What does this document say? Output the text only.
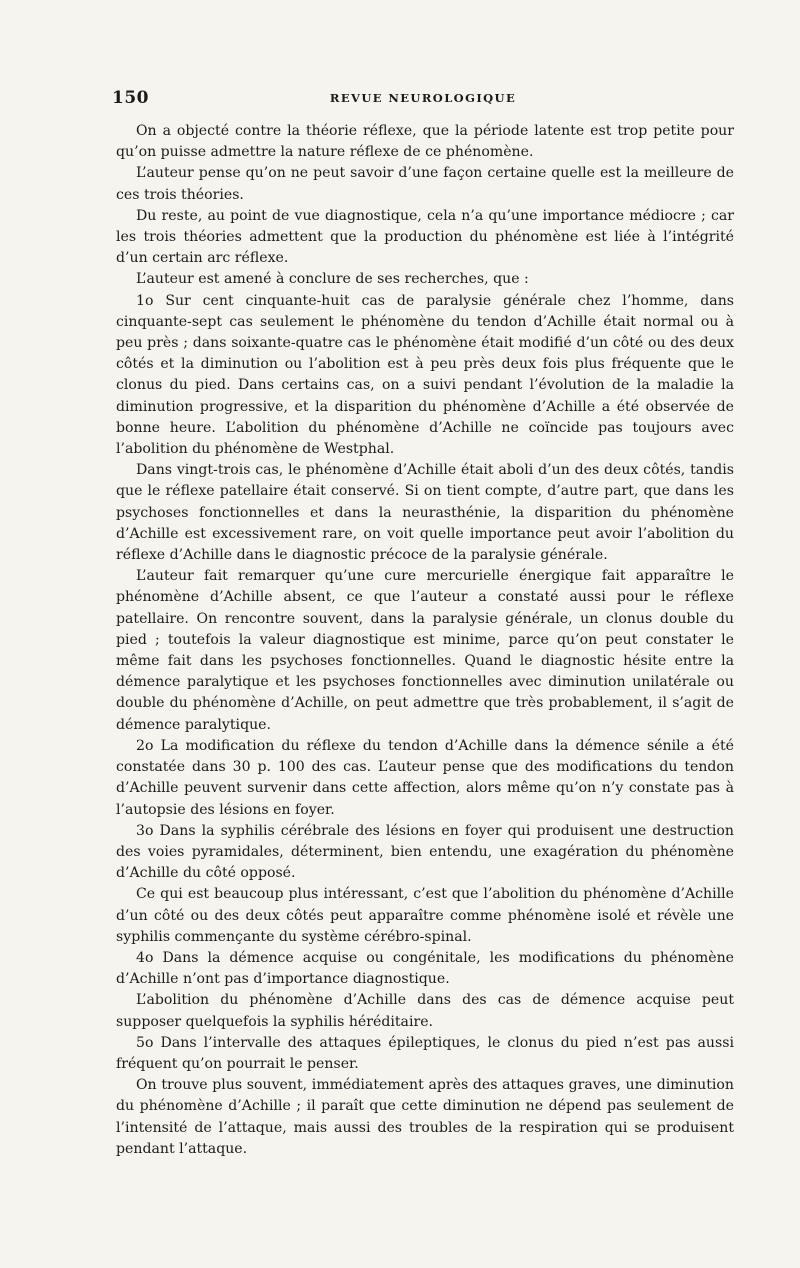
150	REVUE NEUROLOGIQUE

On a objecté contre la théorie réflexe, que la période latente est trop petite pour qu’on puisse admettre la nature réflexe de ce phénomène.

L’auteur pense qu’on ne peut savoir d’une façon certaine quelle est la meilleure de ces trois théories.

Du reste, au point de vue diagnostique, cela n’a qu’une importance médiocre ; car les trois théories admettent que la production du phénomène est liée à l’intégrité d’un certain arc réflexe.

L’auteur est amené à conclure de ses recherches, que :

1o Sur cent cinquante-huit cas de paralysie générale chez l’homme, dans cinquante-sept cas seulement le phénomène du tendon d’Achille était normal ou à peu près ; dans soixante-quatre cas le phénomène était modifié d’un côté ou des deux côtés et la diminution ou l’abolition est à peu près deux fois plus fréquente que le clonus du pied. Dans certains cas, on a suivi pendant l’évolution de la maladie la diminution progressive, et la disparition du phénomène d’Achille a été observée de bonne heure. L’abolition du phénomène d’Achille ne coïncide pas toujours avec l’abolition du phénomène de Westphal.

Dans vingt-trois cas, le phénomène d’Achille était aboli d’un des deux côtés, tandis que le réflexe patellaire était conservé. Si on tient compte, d’autre part, que dans les psychoses fonctionnelles et dans la neurasthénie, la disparition du phénomène d’Achille est excessivement rare, on voit quelle importance peut avoir l’abolition du réflexe d’Achille dans le diagnostic précoce de la paralysie générale.

L’auteur fait remarquer qu’une cure mercurielle énergique fait apparaître le phénomène d’Achille absent, ce que l’auteur a constaté aussi pour le réflexe patellaire. On rencontre souvent, dans la paralysie générale, un clonus double du pied ; toutefois la valeur diagnostique est minime, parce qu’on peut constater le même fait dans les psychoses fonctionnelles. Quand le diagnostic hésite entre la démence paralytique et les psychoses fonctionnelles avec diminution unilatérale ou double du phénomène d’Achille, on peut admettre que très probablement, il s’agit de démence paralytique.

2o La modification du réflexe du tendon d’Achille dans la démence sénile a été constatée dans 30 p. 100 des cas. L’auteur pense que des modifications du tendon d’Achille peuvent survenir dans cette affection, alors même qu’on n’y constate pas à l’autopsie des lésions en foyer.

3o Dans la syphilis cérébrale des lésions en foyer qui produisent une destruction des voies pyramidales, déterminent, bien entendu, une exagération du phénomène d’Achille du côté opposé.

Ce qui est beaucoup plus intéressant, c’est que l’abolition du phénomène d’Achille d’un côté ou des deux côtés peut apparaître comme phénomène isolé et révèle une syphilis commençante du système cérébro-spinal.

4o Dans la démence acquise ou congénitale, les modifications du phénomène d’Achille n’ont pas d’importance diagnostique.

L’abolition du phénomène d’Achille dans des cas de démence acquise peut supposer quelquefois la syphilis héréditaire.

5o Dans l’intervalle des attaques épileptiques, le clonus du pied n’est pas aussi fréquent qu’on pourrait le penser.

On trouve plus souvent, immédiatement après des attaques graves, une diminution du phénomène d’Achille ; il paraît que cette diminution ne dépend pas seulement de l’intensité de l’attaque, mais aussi des troubles de la respiration qui se produisent pendant l’attaque.
